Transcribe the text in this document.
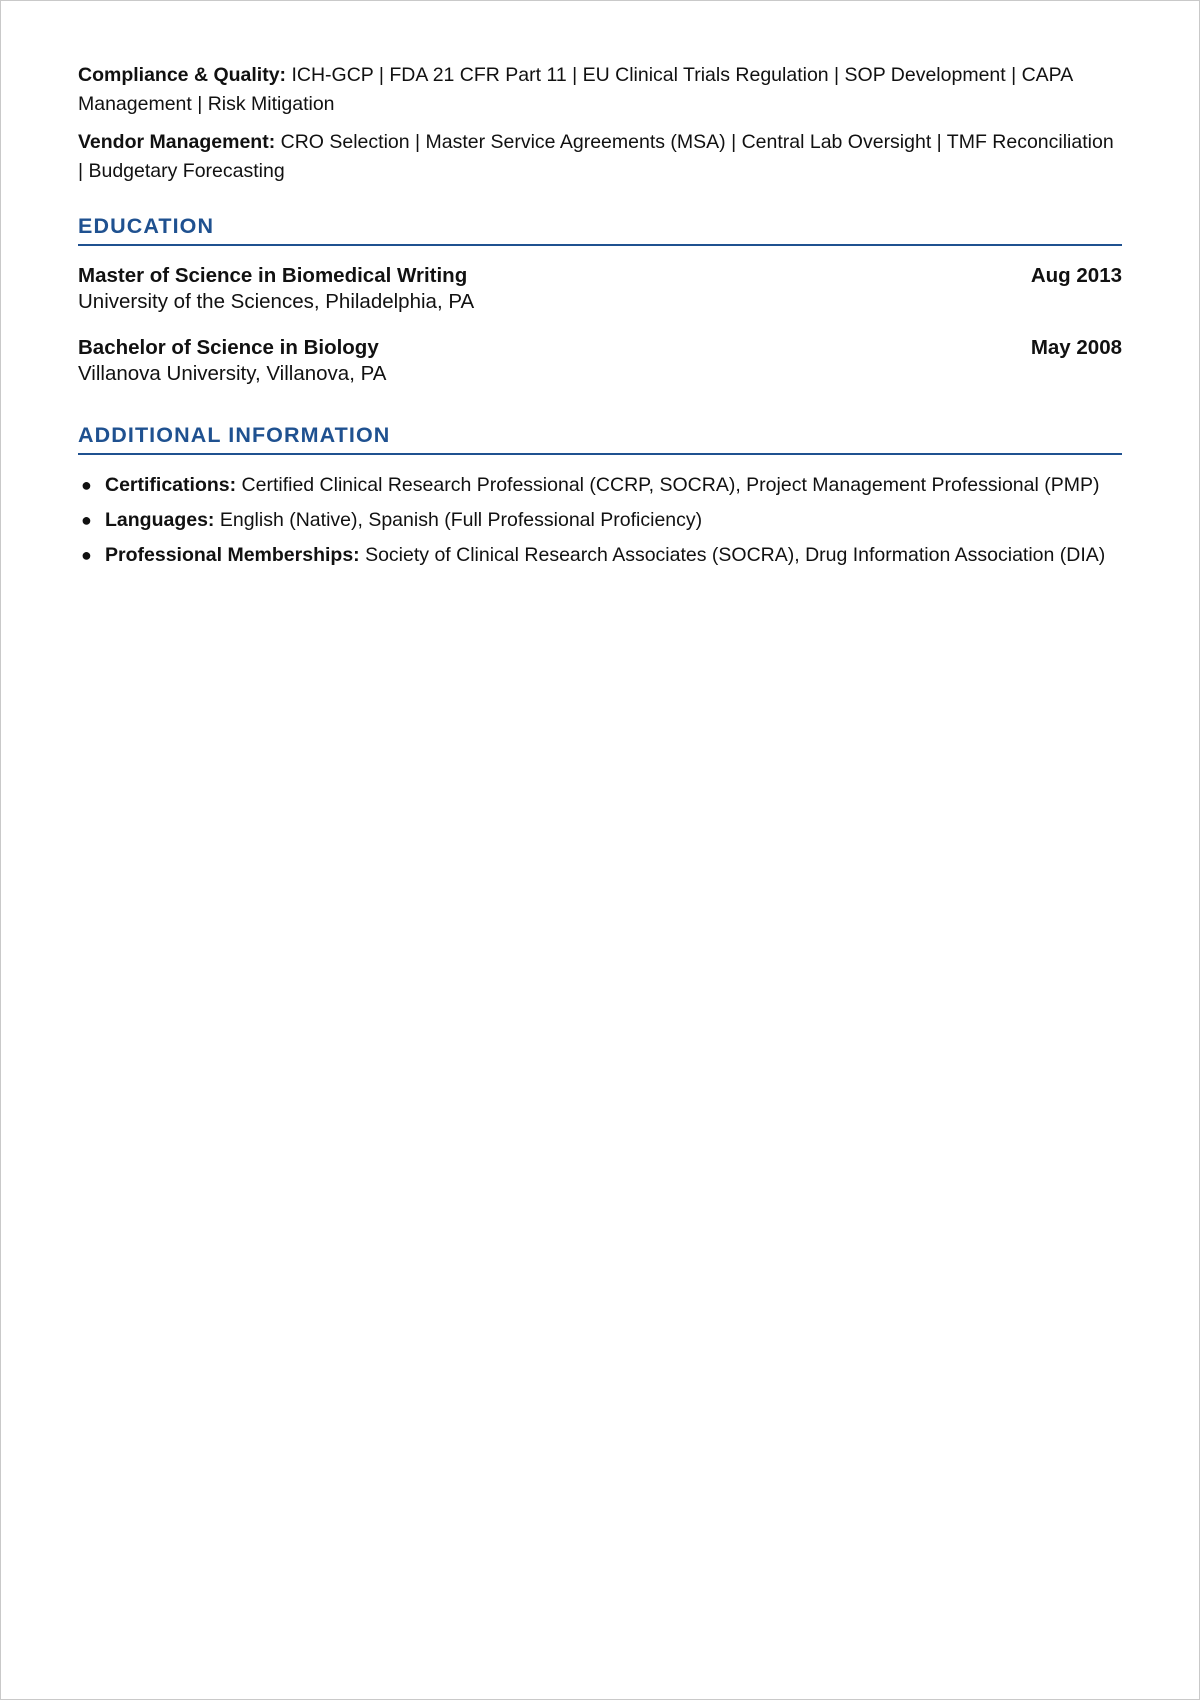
Compliance & Quality: ICH-GCP | FDA 21 CFR Part 11 | EU Clinical Trials Regulation | SOP Development | CAPA Management | Risk Mitigation

Vendor Management: CRO Selection | Master Service Agreements (MSA) | Central Lab Oversight | TMF Reconciliation | Budgetary Forecasting

EDUCATION
Master of Science in Biomedical Writing	Aug 2013
University of the Sciences, Philadelphia, PA
Bachelor of Science in Biology	May 2008
Villanova University, Villanova, PA
ADDITIONAL INFORMATION
● Certifications: Certified Clinical Research Professional (CCRP, SOCRA), Project Management Professional (PMP)
● Languages: English (Native), Spanish (Full Professional Proficiency)
● Professional Memberships: Society of Clinical Research Associates (SOCRA), Drug Information Association (DIA)
